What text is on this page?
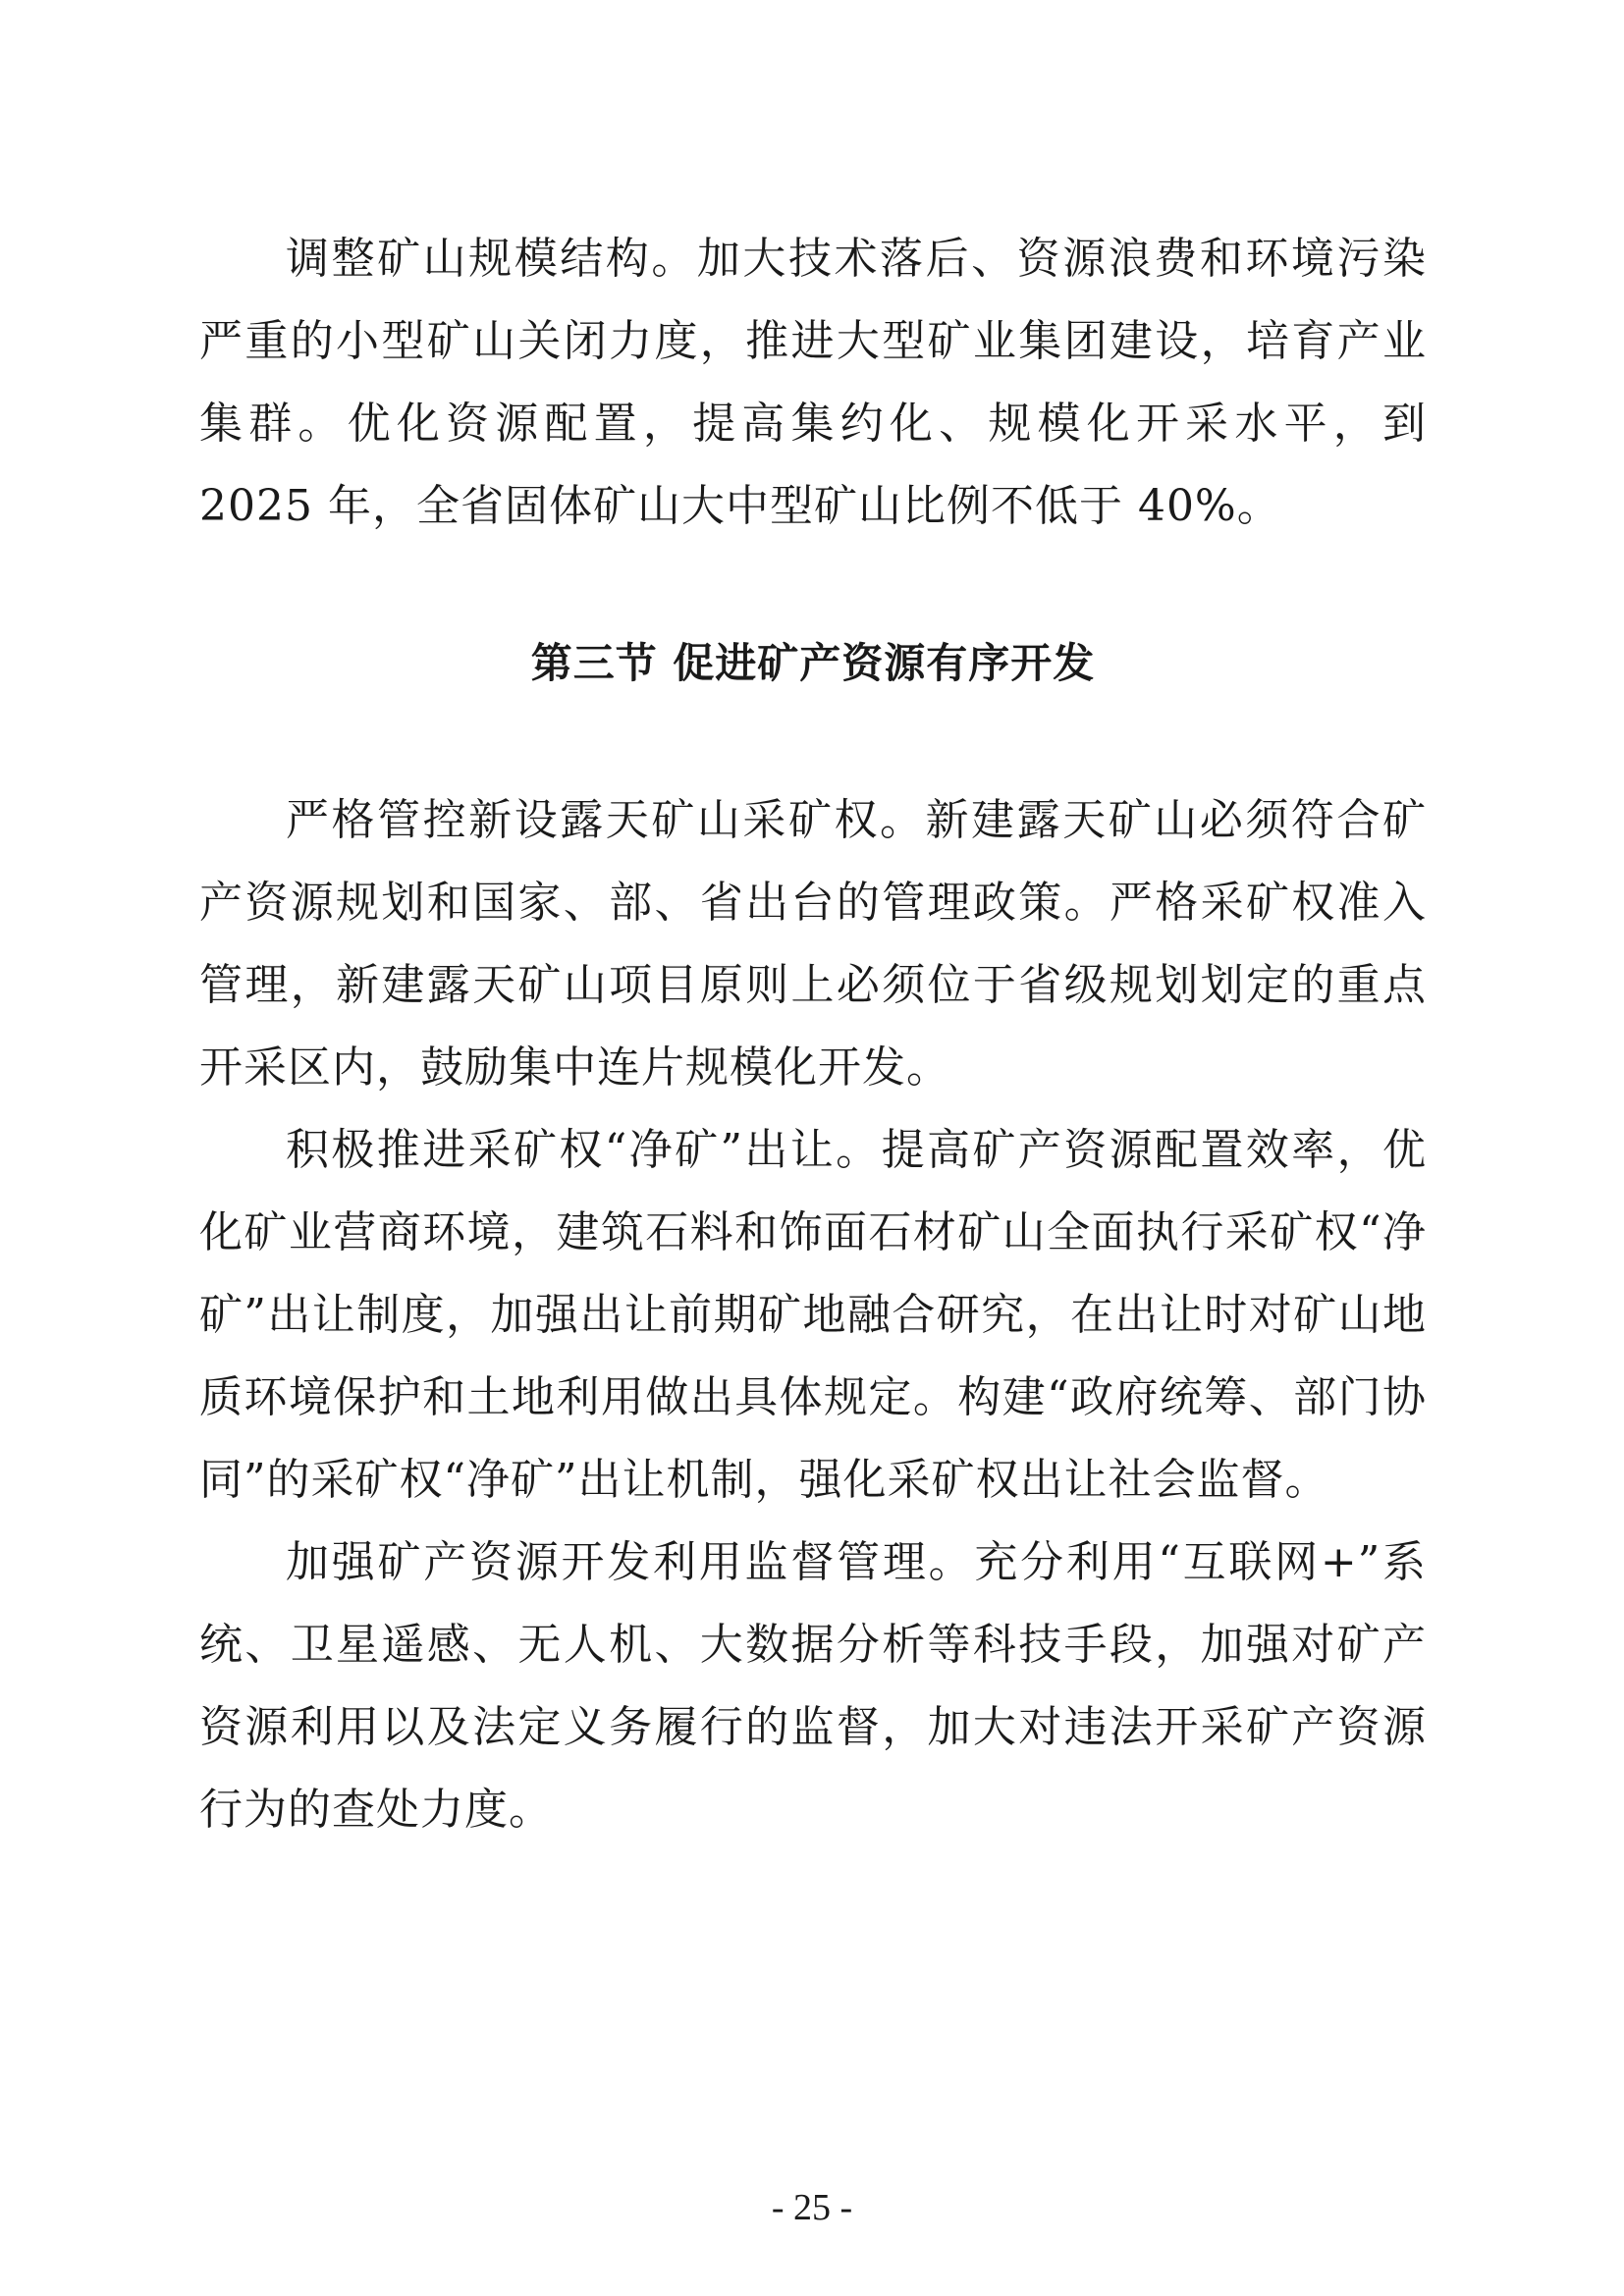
调整矿山规模结构。加大技术落后、资源浪费和环境污染严重的小型矿山关闭力度，推进大型矿业集团建设，培育产业集群。优化资源配置，提高集约化、规模化开采水平，到 2025 年，全省固体矿山大中型矿山比例不低于 40%。

第三节 促进矿产资源有序开发

严格管控新设露天矿山采矿权。新建露天矿山必须符合矿产资源规划和国家、部、省出台的管理政策。严格采矿权准入管理，新建露天矿山项目原则上必须位于省级规划划定的重点开采区内，鼓励集中连片规模化开发。

积极推进采矿权“净矿”出让。提高矿产资源配置效率，优化矿业营商环境，建筑石料和饰面石材矿山全面执行采矿权“净矿”出让制度，加强出让前期矿地融合研究，在出让时对矿山地质环境保护和土地利用做出具体规定。构建“政府统筹、部门协同”的采矿权“净矿”出让机制，强化采矿权出让社会监督。

加强矿产资源开发利用监督管理。充分利用“互联网+”系统、卫星遥感、无人机、大数据分析等科技手段，加强对矿产资源利用以及法定义务履行的监督，加大对违法开采矿产资源行为的查处力度。

- 25 -
